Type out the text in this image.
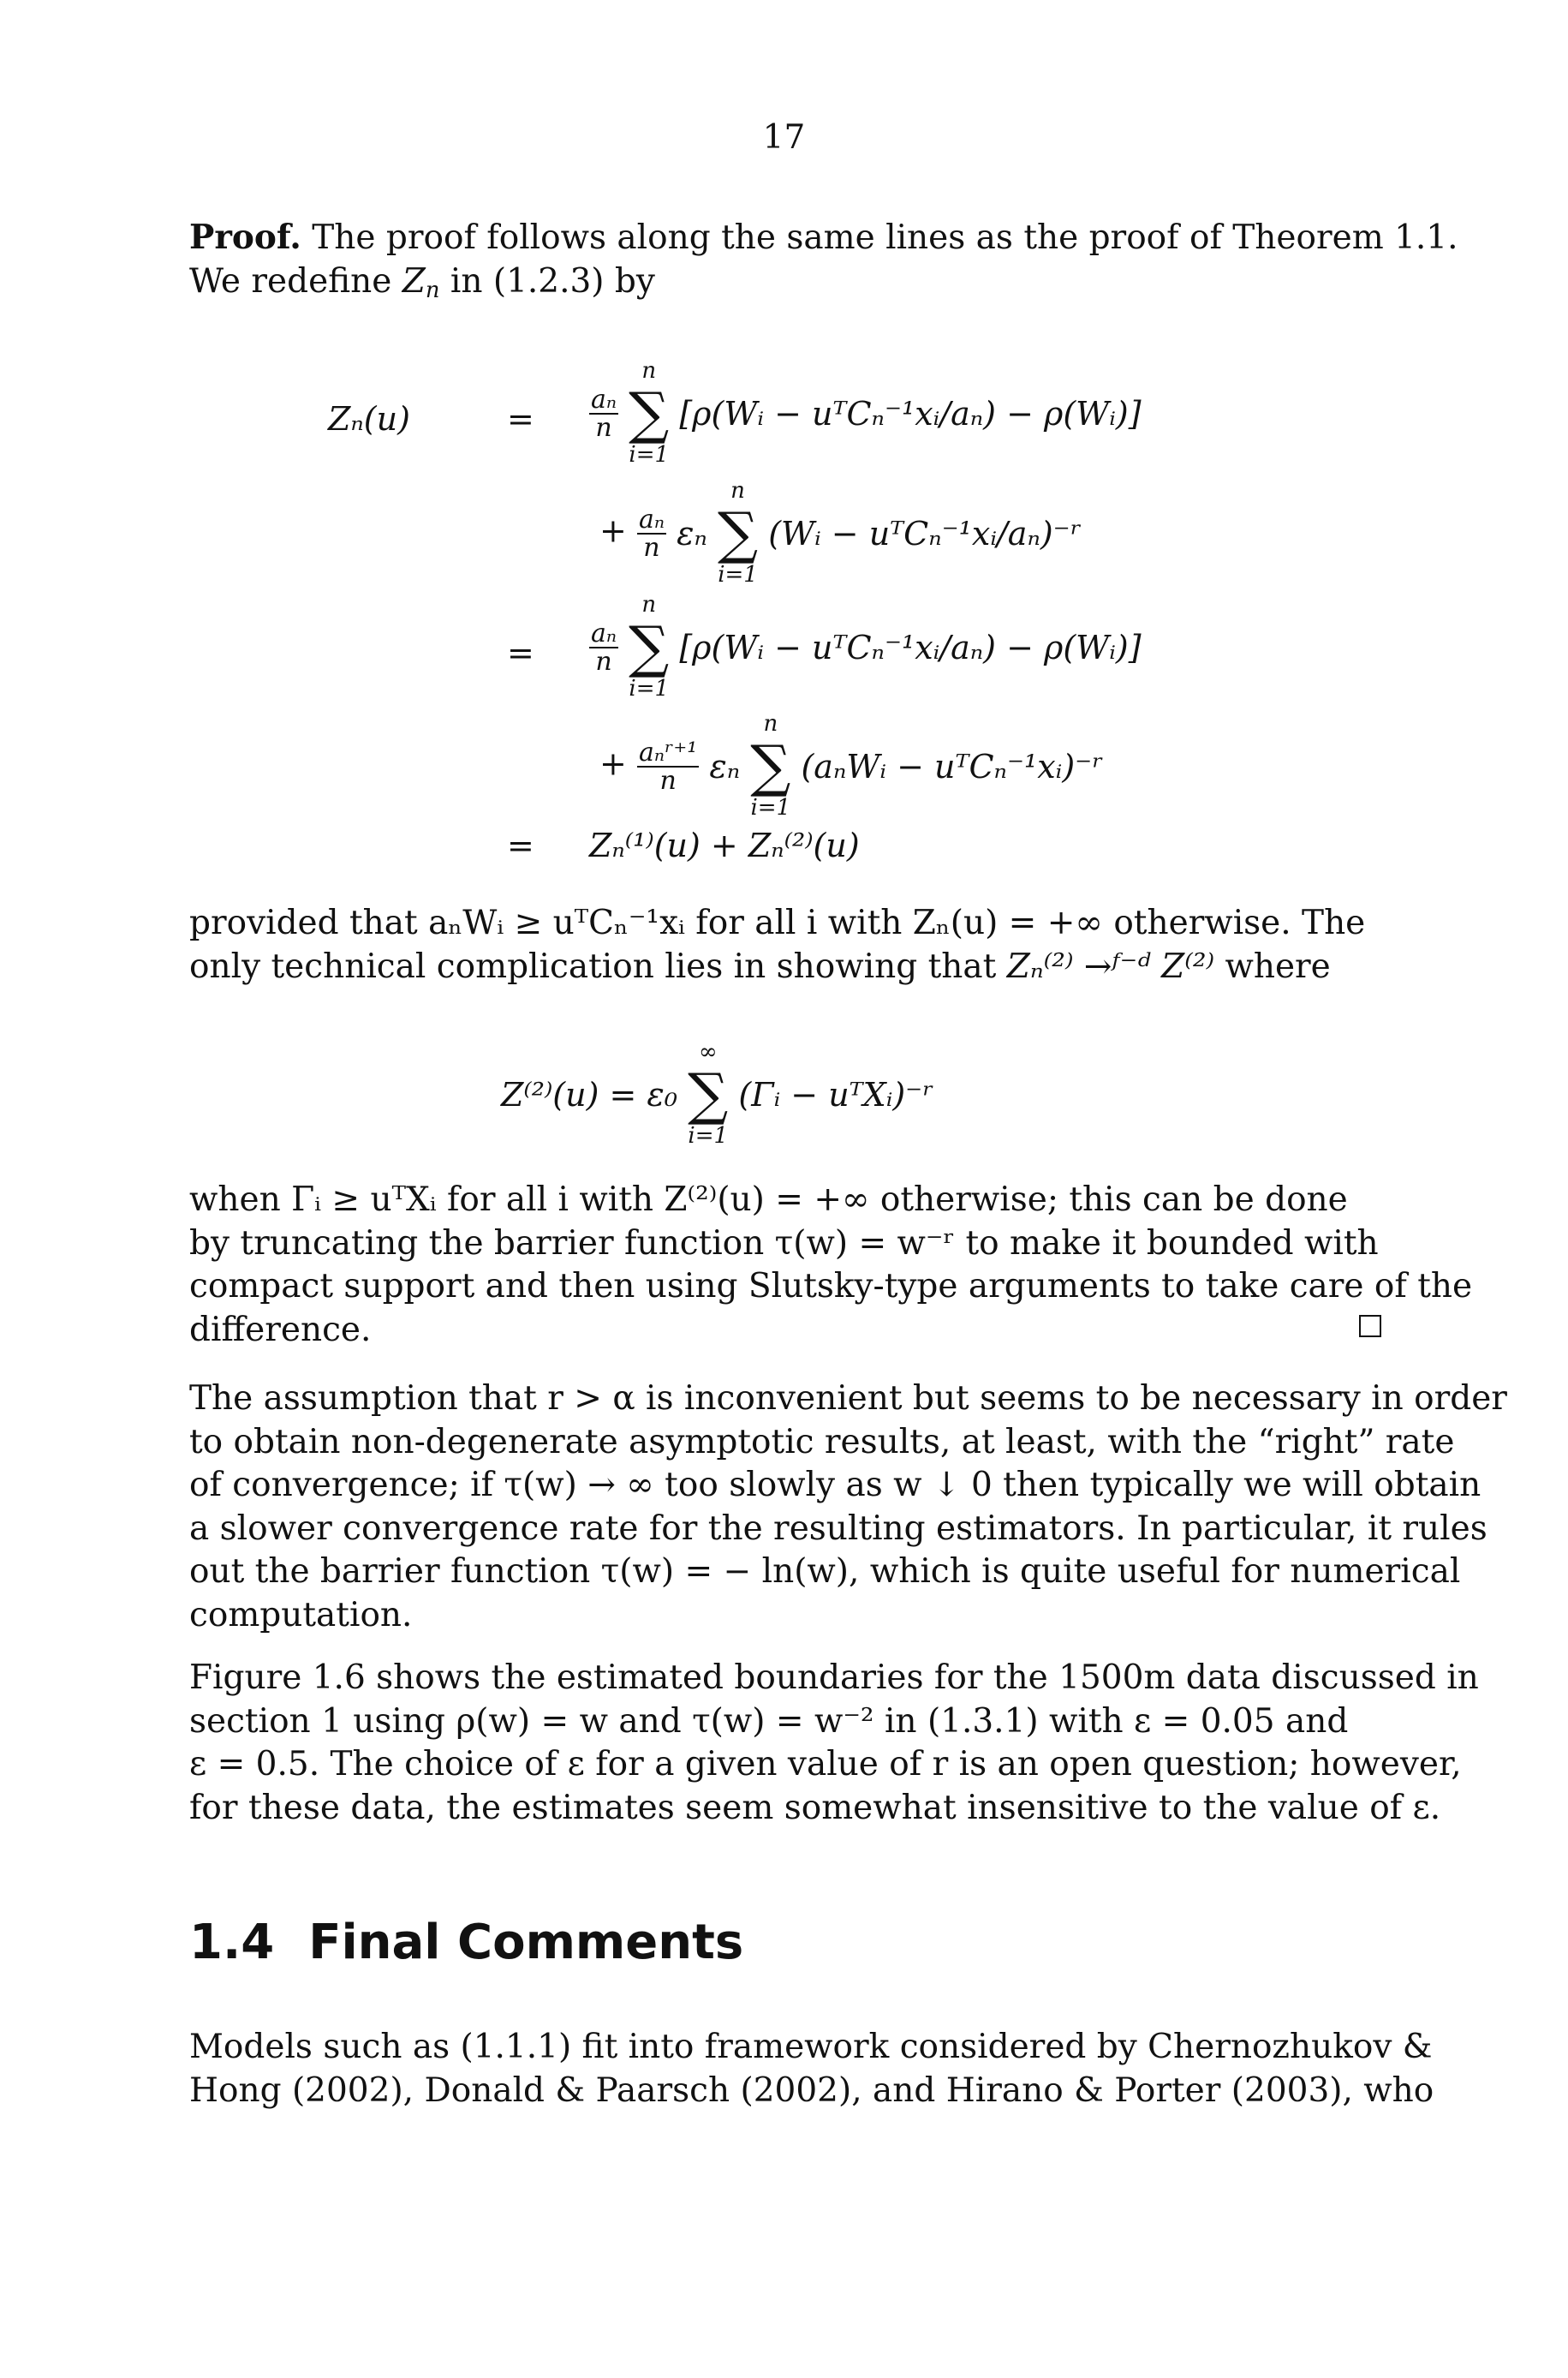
17
Proof. The proof follows along the same lines as the proof of Theorem 1.1.
We redefine $Z_n$ in (1.2.3) by
Zₙ(u)	= $\frac{\text{aₙ}}{n}$

n
∑
i=1
[ρ(Wᵢ − uᵀCₙ⁻¹xᵢ/aₙ) − ρ(Wᵢ)]
+ $\frac{\text{aₙ}}{n}$ εₙ
n
∑
i=1
(Wᵢ − uᵀCₙ⁻¹xᵢ/aₙ)⁻ʳ
= $\frac{\text{aₙ}}{n}$

n
∑
i=1
[ρ(Wᵢ − uᵀCₙ⁻¹xᵢ/aₙ) − ρ(Wᵢ)]
+ $\frac{\text{aₙʳ⁺¹}}{n}$ εₙ
n
∑
i=1
(aₙWᵢ − uᵀCₙ⁻¹xᵢ)⁻ʳ
= Zₙ⁽¹⁾(u) + Zₙ⁽²⁾(u)
provided that aₙWᵢ ≥ uᵀCₙ⁻¹xᵢ for all i with Zₙ(u) = +∞ otherwise. The
only technical complication lies in showing that Zₙ⁽²⁾ →ᶠ⁻ᵈ Z⁽²⁾ where
Z⁽²⁾(u) = ε₀
∞
∑
i=1
(Γᵢ − uᵀXᵢ)⁻ʳ
when Γᵢ ≥ uᵀXᵢ for all i with Z⁽²⁾(u) = +∞ otherwise; this can be done
by truncating the barrier function τ(w) = w⁻ʳ to make it bounded with
compact support and then using Slutsky-type arguments to take care of the
difference.
The assumption that r > α is inconvenient but seems to be necessary in order
to obtain non-degenerate asymptotic results, at least, with the “right” rate
of convergence; if τ(w) → ∞ too slowly as w ↓ 0 then typically we will obtain
a slower convergence rate for the resulting estimators. In particular, it rules
out the barrier function τ(w) = − ln(w), which is quite useful for numerical
computation.
Figure 1.6 shows the estimated boundaries for the 1500m data discussed in
section 1 using ρ(w) = w and τ(w) = w⁻² in (1.3.1) with ε = 0.05 and
ε = 0.5. The choice of ε for a given value of r is an open question; however,
for these data, the estimates seem somewhat insensitive to the value of ε.
1.4 Final Comments
Models such as (1.1.1) fit into framework considered by Chernozhukov &
Hong (2002), Donald & Paarsch (2002), and Hirano & Porter (2003), who
